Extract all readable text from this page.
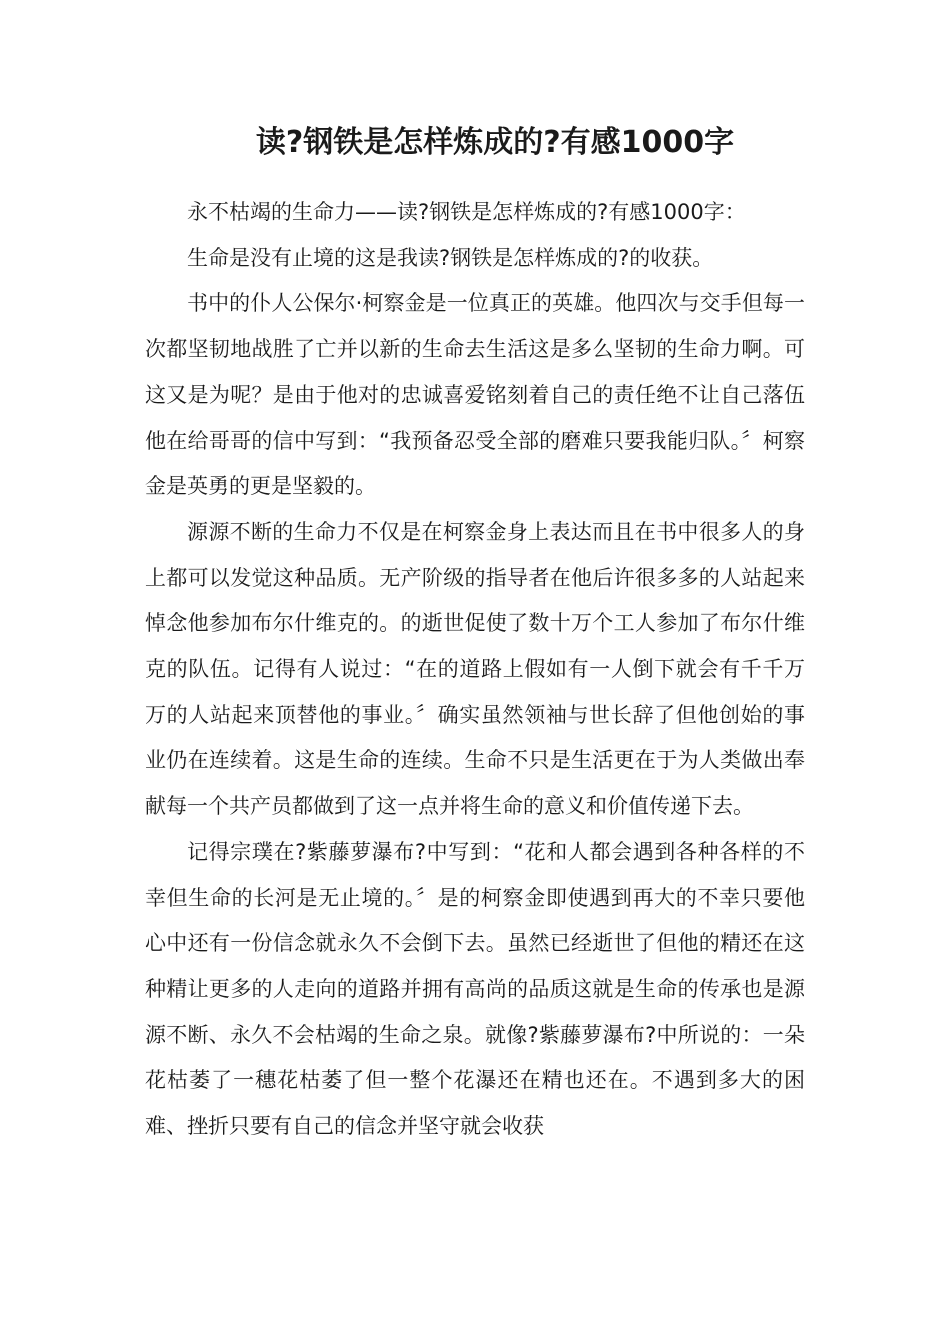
读?钢铁是怎样炼成的?有感1000字

永不枯竭的生命力——读?钢铁是怎样炼成的?有感1000字：

生命是没有止境的这是我读?钢铁是怎样炼成的?的收获。

书中的仆人公保尔·柯察金是一位真正的英雄。他四次与交手但每一次都坚韧地战胜了亡并以新的生命去生活这是多么坚韧的生命力啊。可这又是为呢？是由于他对的忠诚喜爱铭刻着自己的责任绝不让自己落伍他在给哥哥的信中写到：“我预备忍受全部的磨难只要我能归队。〞柯察金是英勇的更是坚毅的。

源源不断的生命力不仅是在柯察金身上表达而且在书中很多人的身上都可以发觉这种品质。无产阶级的指导者在他后许很多多的人站起来悼念他参加布尔什维克的。的逝世促使了数十万个工人参加了布尔什维克的队伍。记得有人说过：“在的道路上假如有一人倒下就会有千千万万的人站起来顶替他的事业。〞确实虽然领袖与世长辞了但他创始的事业仍在连续着。这是生命的连续。生命不只是生活更在于为人类做出奉献每一个共产员都做到了这一点并将生命的意义和价值传递下去。

记得宗璞在?紫藤萝瀑布?中写到：“花和人都会遇到各种各样的不幸但生命的长河是无止境的。〞是的柯察金即使遇到再大的不幸只要他心中还有一份信念就永久不会倒下去。虽然已经逝世了但他的精还在这种精让更多的人走向的道路并拥有高尚的品质这就是生命的传承也是源源不断、永久不会枯竭的生命之泉。就像?紫藤萝瀑布?中所说的：一朵花枯萎了一穗花枯萎了但一整个花瀑还在精也还在。不遇到多大的困难、挫折只要有自己的信念并坚守就会收获
